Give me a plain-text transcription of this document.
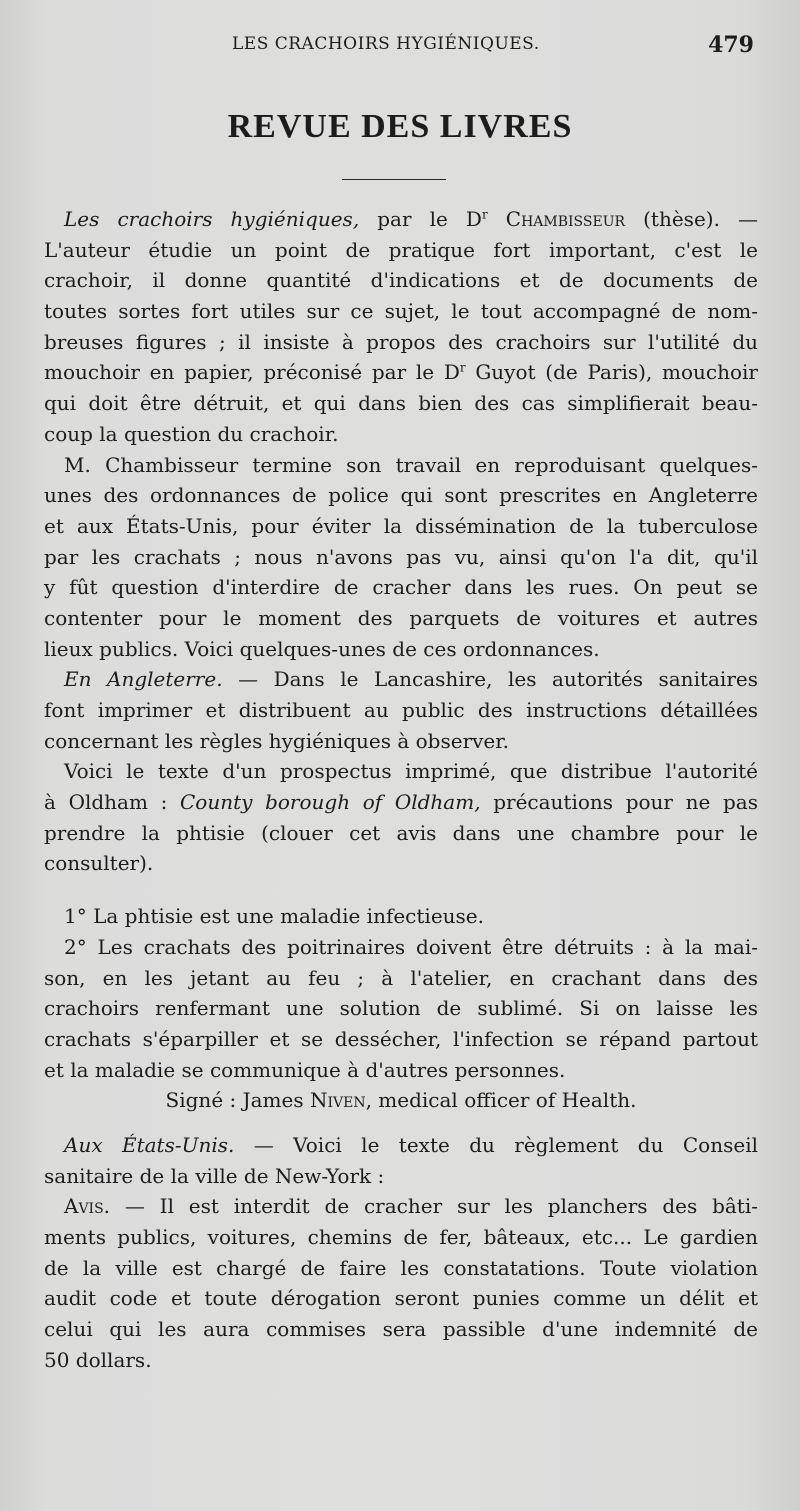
LES CRACHOIRS HYGIÉNIQUES.	479
REVUE DES LIVRES
Les crachoirs hygiéniques, par le $D^r$ Chambisseur (thèse). —
L'auteur étudie un point de pratique fort important, c'est le
crachoir, il donne quantité d'indications et de documents de
toutes sortes fort utiles sur ce sujet, le tout accompagné de nom-
breuses figures ; il insiste à propos des crachoirs sur l'utilité du
mouchoir en papier, préconisé par le $D^r$ Guyot (de Paris), mouchoir
qui doit être détruit, et qui dans bien des cas simplifierait beau-
coup la question du crachoir.
M. Chambisseur termine son travail en reproduisant quelques-
unes des ordonnances de police qui sont prescrites en Angleterre
et aux États-Unis, pour éviter la dissémination de la tuberculose
par les crachats ; nous n'avons pas vu, ainsi qu'on l'a dit, qu'il
y fût question d'interdire de cracher dans les rues. On peut se
contenter pour le moment des parquets de voitures et autres
lieux publics. Voici quelques-unes de ces ordonnances.
En Angleterre. — Dans le Lancashire, les autorités sanitaires
font imprimer et distribuent au public des instructions détaillées
concernant les règles hygiéniques à observer.
Voici le texte d'un prospectus imprimé, que distribue l'autorité
à Oldham : County borough of Oldham, précautions pour ne pas
prendre la phtisie (clouer cet avis dans une chambre pour le
consulter).
1° La phtisie est une maladie infectieuse.
2° Les crachats des poitrinaires doivent être détruits : à la mai-
son, en les jetant au feu ; à l'atelier, en crachant dans des
crachoirs renfermant une solution de sublimé. Si on laisse les
crachats s'éparpiller et se dessécher, l'infection se répand partout
et la maladie se communique à d'autres personnes.
Signé : James Niven, medical officer of Health.
Aux États-Unis. — Voici le texte du règlement du Conseil
sanitaire de la ville de New-York :
Avis. — Il est interdit de cracher sur les planchers des bâti-
ments publics, voitures, chemins de fer, bâteaux, etc... Le gardien
de la ville est chargé de faire les constatations. Toute violation
audit code et toute dérogation seront punies comme un délit et
celui qui les aura commises sera passible d'une indemnité de
50 dollars.
